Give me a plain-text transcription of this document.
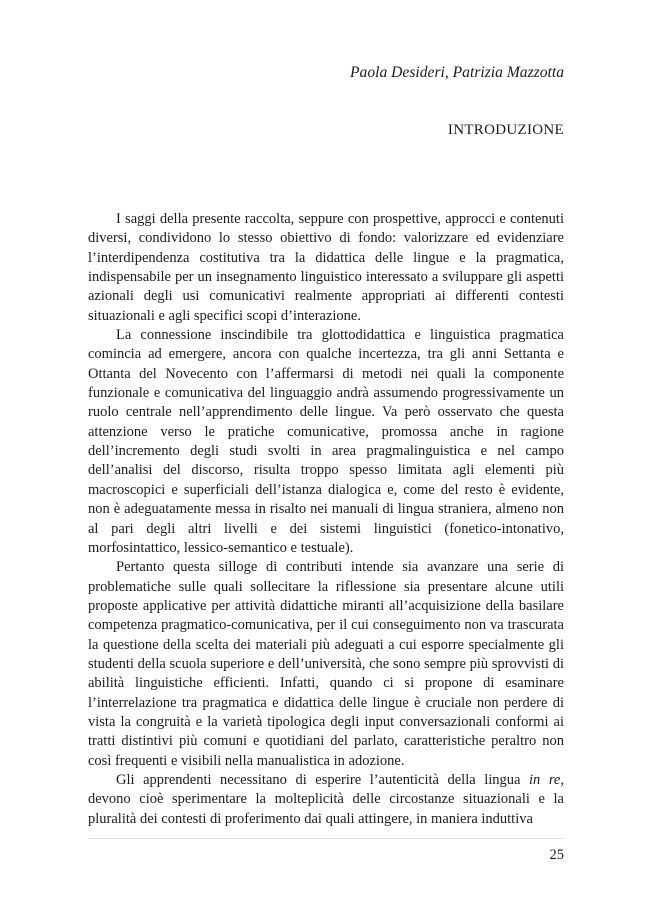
Paola Desideri, Patrizia Mazzotta
INTRODUZIONE

I saggi della presente raccolta, seppure con prospettive, approcci e contenuti diversi, condividono lo stesso obiettivo di fondo: valorizzare ed evidenziare l’interdipendenza costitutiva tra la didattica delle lingue e la pragmatica, indispensabile per un insegnamento linguistico interessato a sviluppare gli aspetti azionali degli usi comunicativi realmente appropriati ai differenti contesti situazionali e agli specifici scopi d’interazione.

La connessione inscindibile tra glottodidattica e linguistica pragmatica comincia ad emergere, ancora con qualche incertezza, tra gli anni Settanta e Ottanta del Novecento con l’affermarsi di metodi nei quali la componente funzionale e comunicativa del linguaggio andrà assumendo progressivamente un ruolo centrale nell’apprendimento delle lingue. Va però osservato che questa attenzione verso le pratiche comunicative, promossa anche in ragione dell’incremento degli studi svolti in area pragmalinguistica e nel campo dell’analisi del discorso, risulta troppo spesso limitata agli elementi più macroscopici e superficiali dell’istanza dialogica e, come del resto è evidente, non è adeguatamente messa in risalto nei manuali di lingua straniera, almeno non al pari degli altri livelli e dei sistemi linguistici (fonetico-intonativo, morfosintattico, lessico-semantico e testuale).

Pertanto questa silloge di contributi intende sia avanzare una serie di problematiche sulle quali sollecitare la riflessione sia presentare alcune utili proposte applicative per attività didattiche miranti all’acquisizione della basilare competenza pragmatico-comunicativa, per il cui conseguimento non va trascurata la questione della scelta dei materiali più adeguati a cui esporre specialmente gli studenti della scuola superiore e dell’università, che sono sempre più sprovvisti di abilità linguistiche efficienti. Infatti, quando ci si propone di esaminare l’interrelazione tra pragmatica e didattica delle lingue è cruciale non perdere di vista la congruità e la varietà tipologica degli input conversazionali conformi ai tratti distintivi più comuni e quotidiani del parlato, caratteristiche peraltro non così frequenti e visibili nella manualistica in adozione.

Gli apprendenti necessitano di esperire l’autenticità della lingua in re, devono cioè sperimentare la molteplicità delle circostanze situazionali e la pluralità dei contesti di proferimento dai quali attingere, in maniera induttiva

25
